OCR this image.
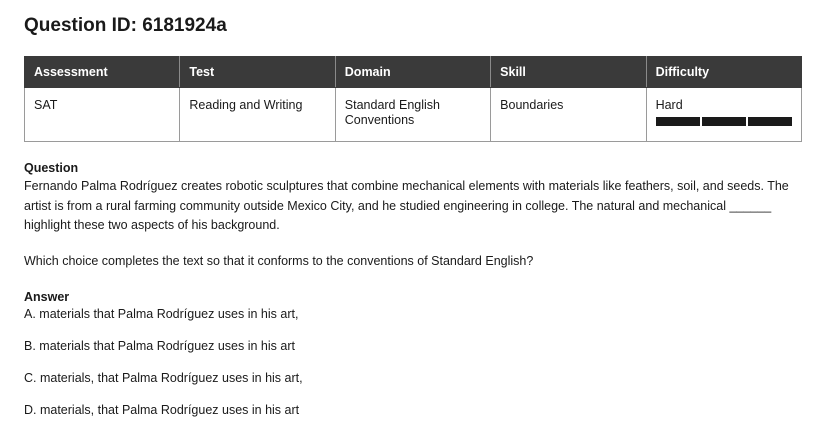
Question ID: 6181924a
Assessment	Test	Domain	Skill	Difficulty
SAT	Reading and Writing	Standard English Conventions	Boundaries	Hard
Question

Fernando Palma Rodríguez creates robotic sculptures that combine mechanical elements with materials like feathers, soil, and seeds. The artist is from a rural farming community outside Mexico City, and he studied engineering in college. The natural and mechanical ______ highlight these two aspects of his background.

Which choice completes the text so that it conforms to the conventions of Standard English?

Answer
A. materials that Palma Rodríguez uses in his art,
B. materials that Palma Rodríguez uses in his art
C. materials, that Palma Rodríguez uses in his art,
D. materials, that Palma Rodríguez uses in his art
